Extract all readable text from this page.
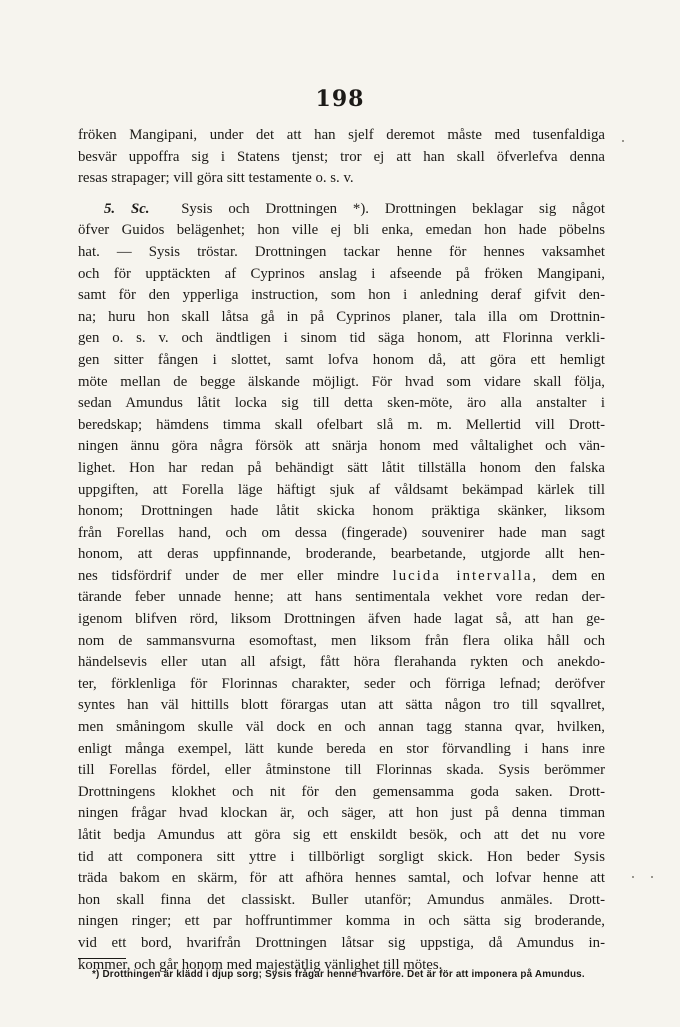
198
fröken Mangipani, under det att han sjelf deremot måste med tusenfaldiga
besvär uppoffra sig i Statens tjenst; tror ej att han skall öfverlefva denna
resas strapager; vill göra sitt testamente o. s. v.
5. Sc. Sysis och Drottningen *). Drottningen beklagar sig något
öfver Guidos belägenhet; hon ville ej bli enka, emedan hon hade pöbelns
hat. — Sysis tröstar. Drottningen tackar henne för hennes vaksamhet
och för upptäckten af Cyprinos anslag i afseende på fröken Mangipani,
samt för den ypperliga instruction, som hon i anledning deraf gifvit den-
na; huru hon skall låtsa gå in på Cyprinos planer, tala illa om Drottnin-
gen o. s. v. och ändtligen i sinom tid säga honom, att Florinna verkli-
gen sitter fången i slottet, samt lofva honom då, att göra ett hemligt
möte mellan de begge älskande möjligt. För hvad som vidare skall följa,
sedan Amundus låtit locka sig till detta sken-möte, äro alla anstalter i
beredskap; hämdens timma skall ofelbart slå m. m. Mellertid vill Drott-
ningen ännu göra några försök att snärja honom med våltalighet och vän-
lighet. Hon har redan på behändigt sätt låtit tillställa honom den falska
uppgiften, att Forella läge häftigt sjuk af våldsamt bekämpad kärlek till
honom; Drottningen hade låtit skicka honom präktiga skänker, liksom
från Forellas hand, och om dessa (fingerade) souvenirer hade man sagt
honom, att deras uppfinnande, broderande, bearbetande, utgjorde allt hen-
nes tidsfördrif under de mer eller mindre lucida intervalla, dem en
tärande feber unnade henne; att hans sentimentala vekhet vore redan der-
igenom blifven rörd, liksom Drottningen äfven hade lagat så, att han ge-
nom de sammansvurna esomoftast, men liksom från flera olika håll och
händelsevis eller utan all afsigt, fått höra flerahanda rykten och anekdo-
ter, förklenliga för Florinnas charakter, seder och förriga lefnad; deröfver
syntes han väl hittills blott förargas utan att sätta någon tro till sqvallret,
men småningom skulle väl dock en och annan tagg stanna qvar, hvilken,
enligt många exempel, lätt kunde bereda en stor förvandling i hans inre
till Forellas fördel, eller åtminstone till Florinnas skada. Sysis berömmer
Drottningens klokhet och nit för den gemensamma goda saken. Drott-
ningen frågar hvad klockan är, och säger, att hon just på denna timman
låtit bedja Amundus att göra sig ett enskildt besök, och att det nu vore
tid att componera sitt yttre i tillbörligt sorgligt skick. Hon beder Sysis
träda bakom en skärm, för att afhöra hennes samtal, och lofvar henne att
hon skall finna det classiskt. Buller utanför; Amundus anmäles. Drott-
ningen ringer; ett par hoffruntimmer komma in och sätta sig broderande,
vid ett bord, hvarifrån Drottningen låtsar sig uppstiga, då Amundus in-
kommer, och går honom med majestätlig vänlighet till mötes.
*) Drottningen är klädd i djup sorg; Sysis frågar henne hvarföre. Det är för att imponera på Amundus.
